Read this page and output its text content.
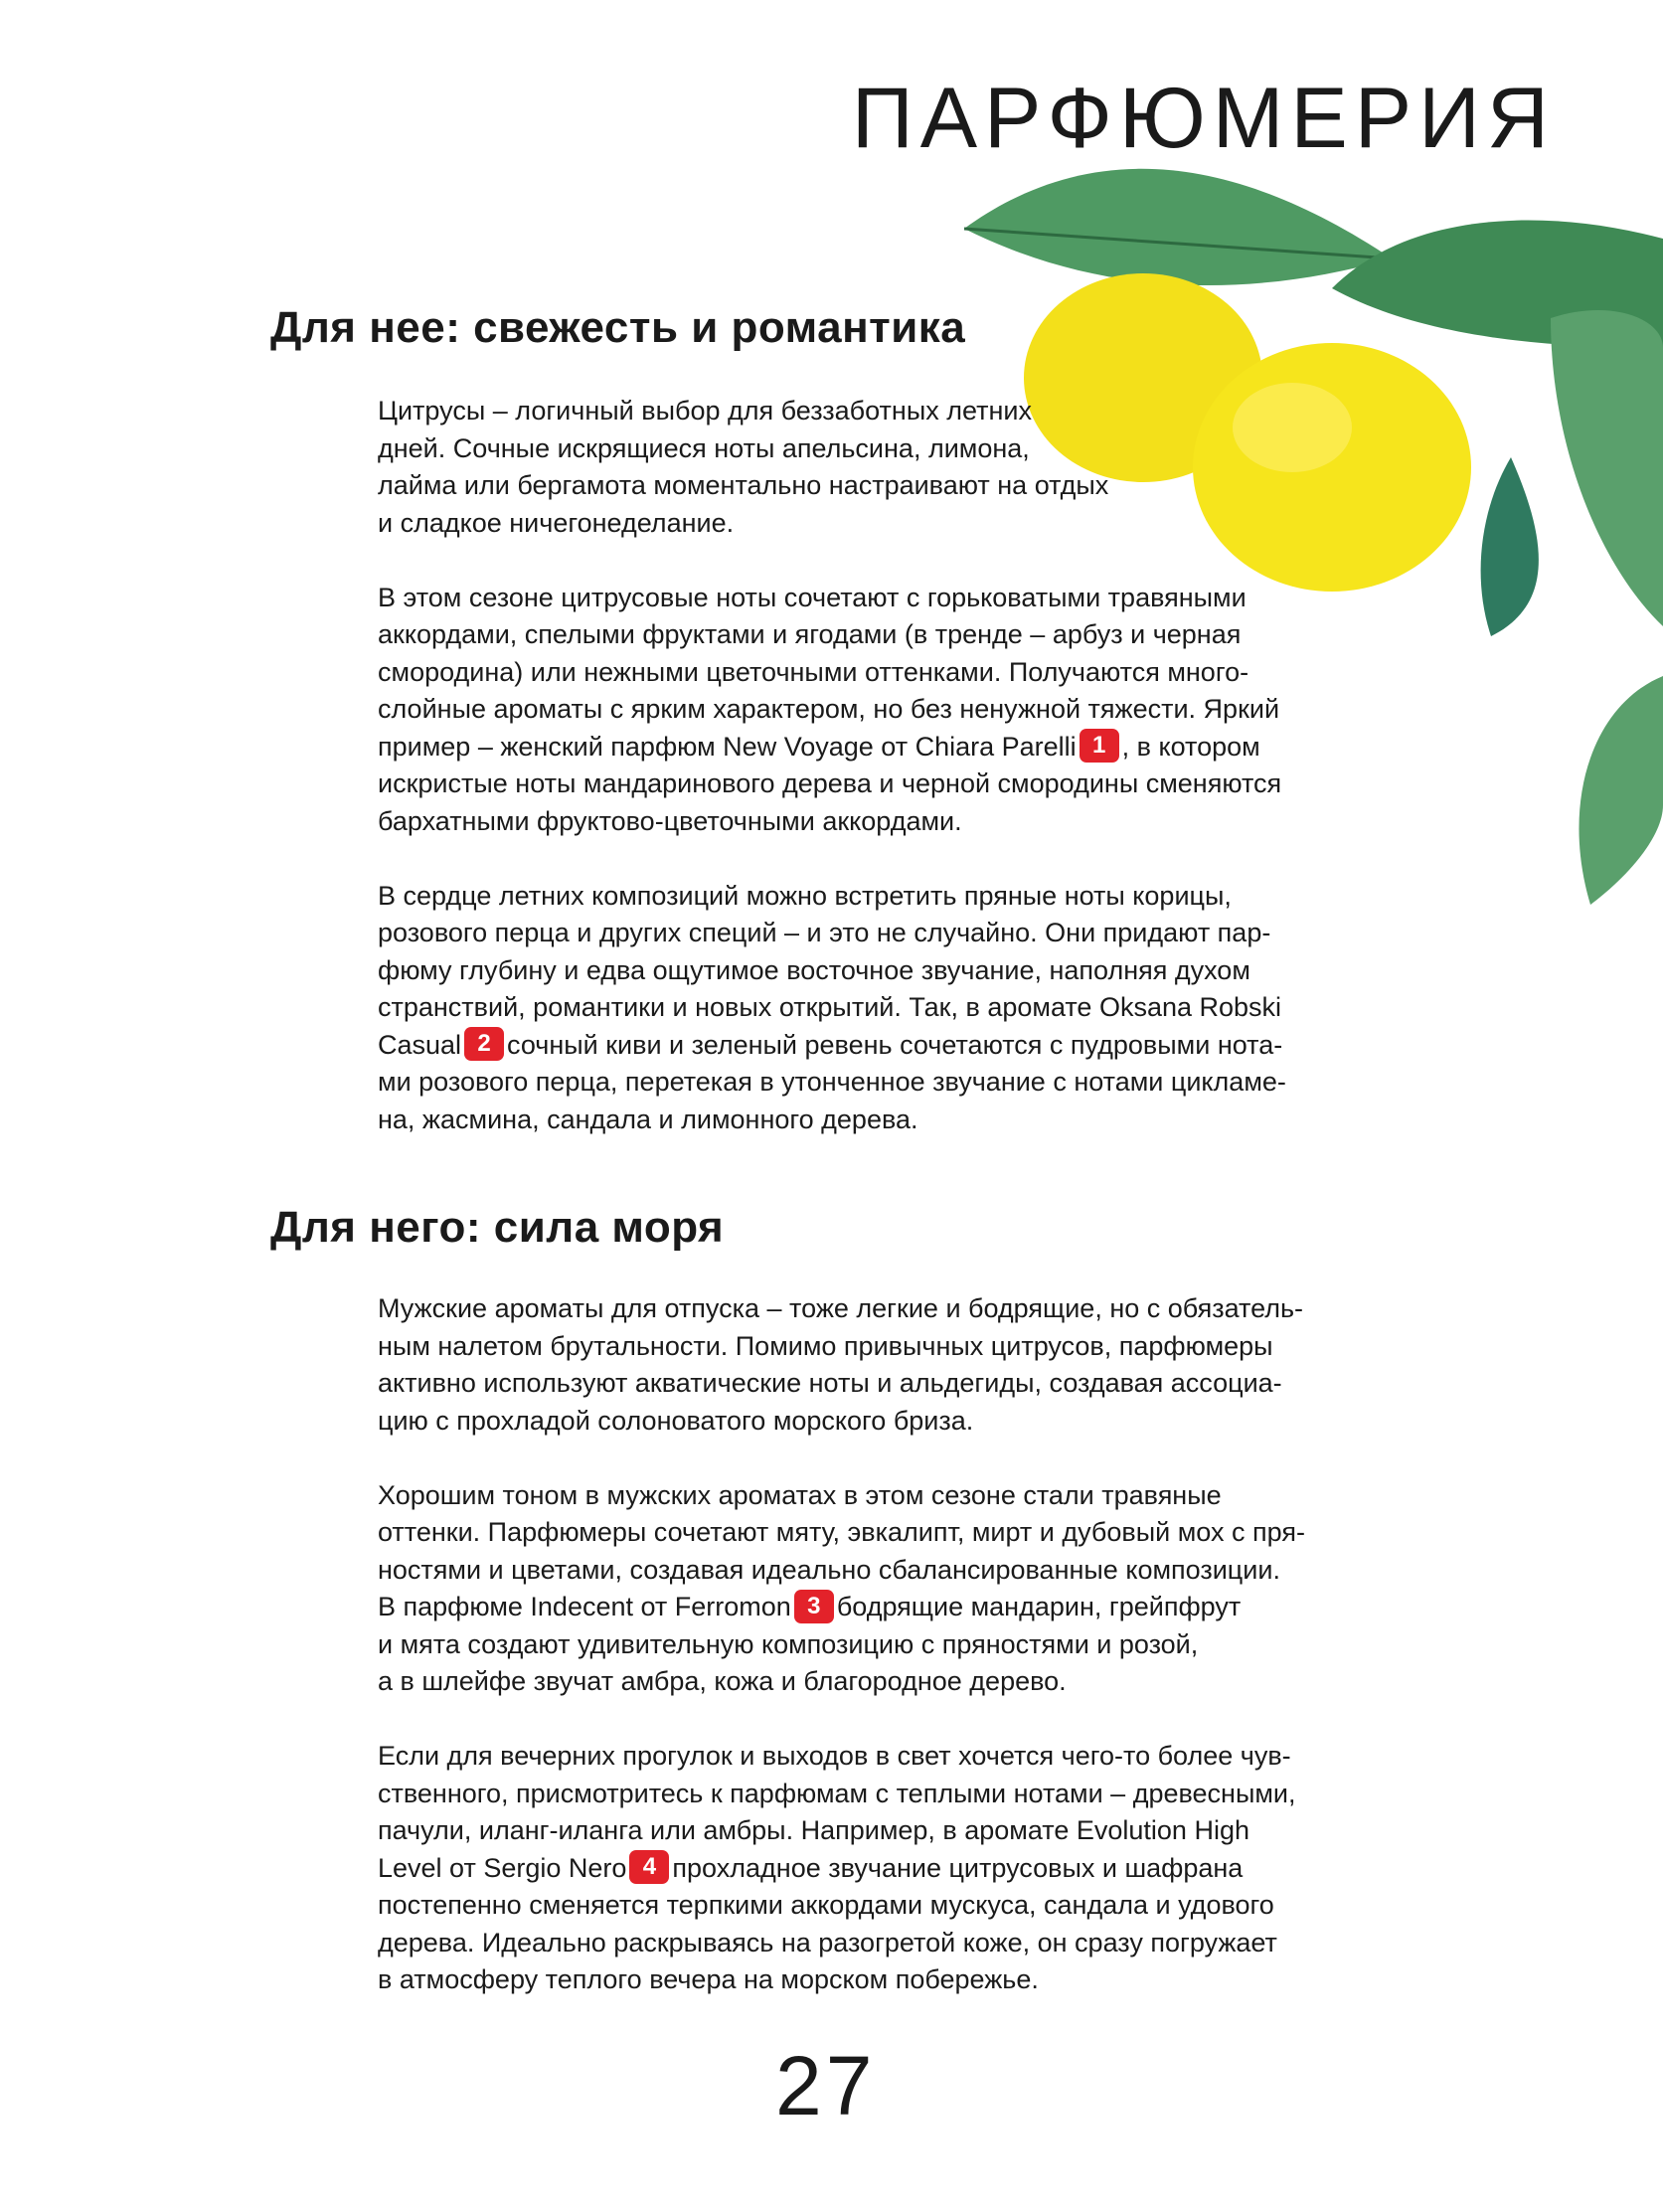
ПАРФЮМЕРИЯ
Для нее: свежесть и романтика
Цитрусы – логичный выбор для беззаботных летних
дней. Сочные искрящиеся ноты апельсина, лимона,
лайма или бергамота моментально настраивают на отдых
и сладкое ничегонеделание.
В этом сезоне цитрусовые ноты сочетают с горьковатыми травяными
аккордами, спелыми фруктами и ягодами (в тренде – арбуз и черная
смородина) или нежными цветочными оттенками. Получаются много-
слойные ароматы с ярким характером, но без ненужной тяжести. Яркий
пример – женский парфюм New Voyage от Chiara Parelli 1 , в котором
искристые ноты мандаринового дерева и черной смородины сменяются
бархатными фруктово-цветочными аккордами.
В сердце летних композиций можно встретить пряные ноты корицы,
розового перца и других специй – и это не случайно. Они придают пар-
фюму глубину и едва ощутимое восточное звучание, наполняя духом
странствий, романтики и новых открытий. Так, в аромате Oksana Robski
Casual 2 сочный киви и зеленый ревень сочетаются с пудровыми нота-
ми розового перца, перетекая в утонченное звучание с нотами цикламе-
на, жасмина, сандала и лимонного дерева.
Для него: сила моря
Мужские ароматы для отпуска – тоже легкие и бодрящие, но с обязатель-
ным налетом брутальности. Помимо привычных цитрусов, парфюмеры
активно используют акватические ноты и альдегиды, создавая ассоциа-
цию с прохладой солоноватого морского бриза.
Хорошим тоном в мужских ароматах в этом сезоне стали травяные
оттенки. Парфюмеры сочетают мяту, эвкалипт, мирт и дубовый мох с пря-
ностями и цветами, создавая идеально сбалансированные композиции.
В парфюме Indecent от Ferromon 3 бодрящие мандарин, грейпфрут
и мята создают удивительную композицию с пряностями и розой,
а в шлейфе звучат амбра, кожа и благородное дерево.
Если для вечерних прогулок и выходов в свет хочется чего-то более чув-
ственного, присмотритесь к парфюмам с теплыми нотами – древесными,
пачули, иланг-иланга или амбры. Например, в аромате Evolution High
Level от Sergio Nero 4 прохладное звучание цитрусовых и шафрана
постепенно сменяется терпкими аккордами мускуса, сандала и удового
дерева. Идеально раскрываясь на разогретой коже, он сразу погружает
в атмосферу теплого вечера на морском побережье.
27
